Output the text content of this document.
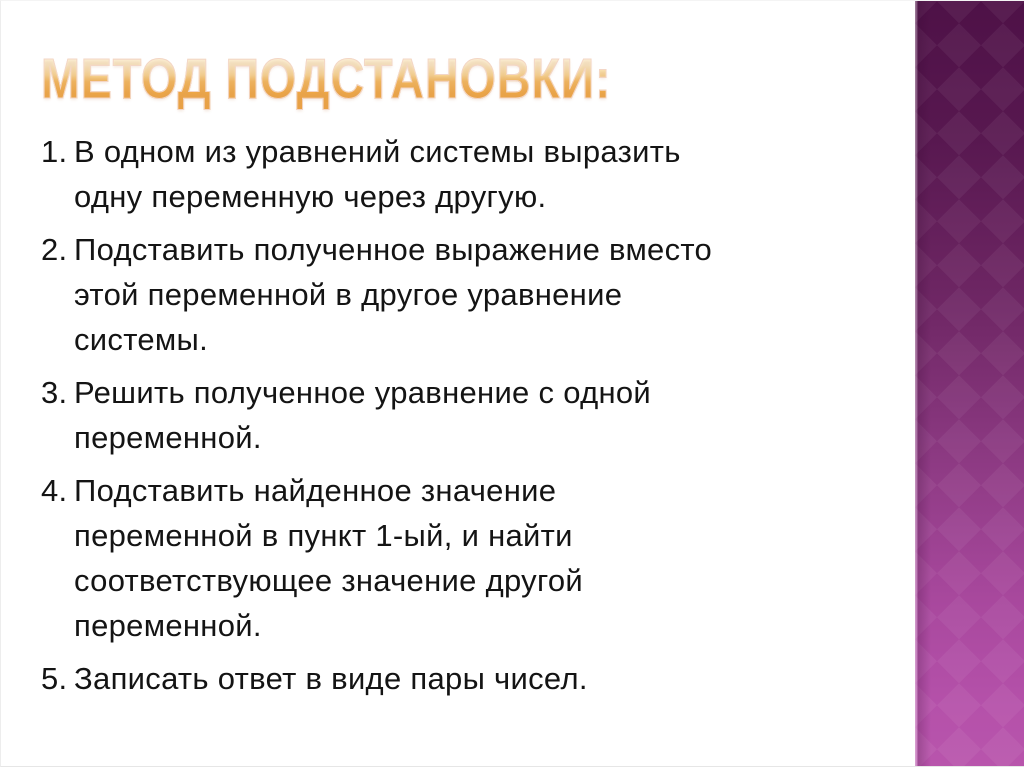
МЕТОД ПОДСТАНОВКИ:
1. В одном из уравнений системы выразить
одну переменную через другую.
2. Подставить полученное выражение вместо
этой переменной в другое уравнение
системы.
3. Решить полученное уравнение с одной
переменной.
4. Подставить найденное значение
переменной в пункт 1-ый, и найти
соответствующее значение другой
переменной.
5. Записать ответ в виде пары чисел.
